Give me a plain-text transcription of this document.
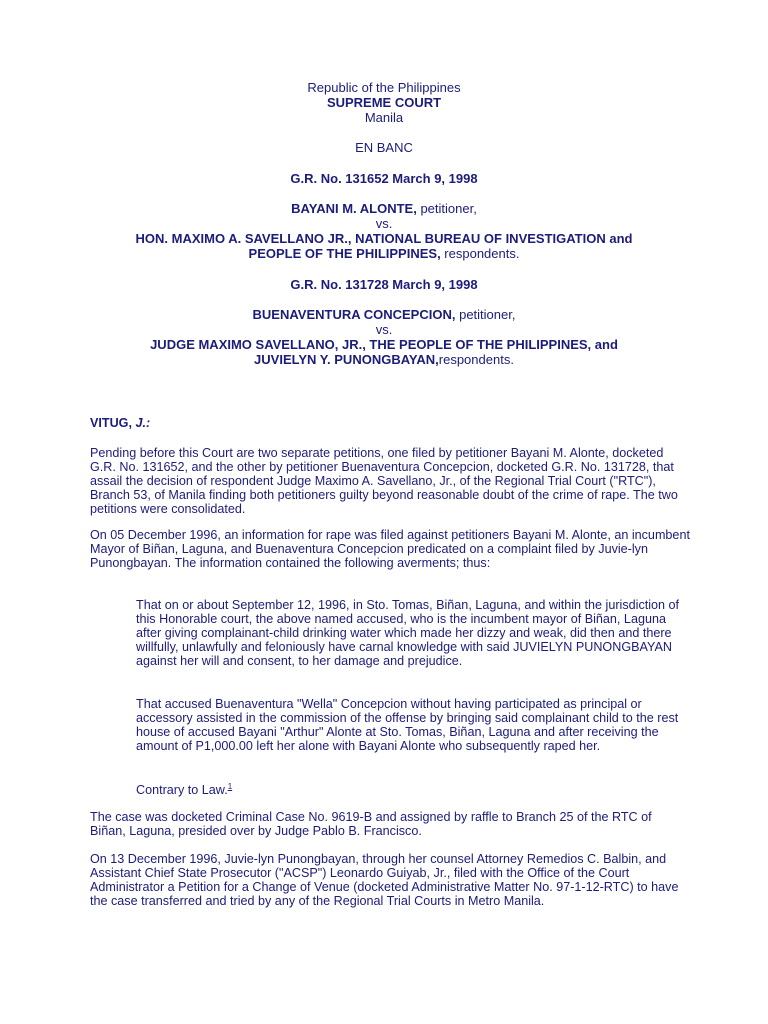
Republic of the Philippines
SUPREME COURT
Manila
EN BANC
G.R. No. 131652 March 9, 1998
BAYANI M. ALONTE, petitioner,
vs.
HON. MAXIMO A. SAVELLANO JR., NATIONAL BUREAU OF INVESTIGATION and
PEOPLE OF THE PHILIPPINES, respondents.
G.R. No. 131728 March 9, 1998
BUENAVENTURA CONCEPCION, petitioner,
vs.
JUDGE MAXIMO SAVELLANO, JR., THE PEOPLE OF THE PHILIPPINES, and
JUVIELYN Y. PUNONGBAYAN,respondents.
VITUG, J.:
Pending before this Court are two separate petitions, one filed by petitioner Bayani M. Alonte, docketed G.R. No. 131652, and the other by petitioner Buenaventura Concepcion, docketed G.R. No. 131728, that assail the decision of respondent Judge Maximo A. Savellano, Jr., of the Regional Trial Court ("RTC"), Branch 53, of Manila finding both petitioners guilty beyond reasonable doubt of the crime of rape. The two petitions were consolidated.
On 05 December 1996, an information for rape was filed against petitioners Bayani M. Alonte, an incumbent Mayor of Biñan, Laguna, and Buenaventura Concepcion predicated on a complaint filed by Juvie-lyn Punongbayan. The information contained the following averments; thus:
That on or about September 12, 1996, in Sto. Tomas, Biñan, Laguna, and within the jurisdiction of this Honorable court, the above named accused, who is the incumbent mayor of Biñan, Laguna after giving complainant-child drinking water which made her dizzy and weak, did then and there willfully, unlawfully and feloniously have carnal knowledge with said JUVIELYN PUNONGBAYAN against her will and consent, to her damage and prejudice.
That accused Buenaventura "Wella" Concepcion without having participated as principal or accessory assisted in the commission of the offense by bringing said complainant child to the rest house of accused Bayani "Arthur" Alonte at Sto. Tomas, Biñan, Laguna and after receiving the amount of P1,000.00 left her alone with Bayani Alonte who subsequently raped her.
Contrary to Law.$^1$
The case was docketed Criminal Case No. 9619-B and assigned by raffle to Branch 25 of the RTC of Biñan, Laguna, presided over by Judge Pablo B. Francisco.
On 13 December 1996, Juvie-lyn Punongbayan, through her counsel Attorney Remedios C. Balbin, and Assistant Chief State Prosecutor ("ACSP") Leonardo Guiyab, Jr., filed with the Office of the Court Administrator a Petition for a Change of Venue (docketed Administrative Matter No. 97-1-12-RTC) to have the case transferred and tried by any of the Regional Trial Courts in Metro Manila.
